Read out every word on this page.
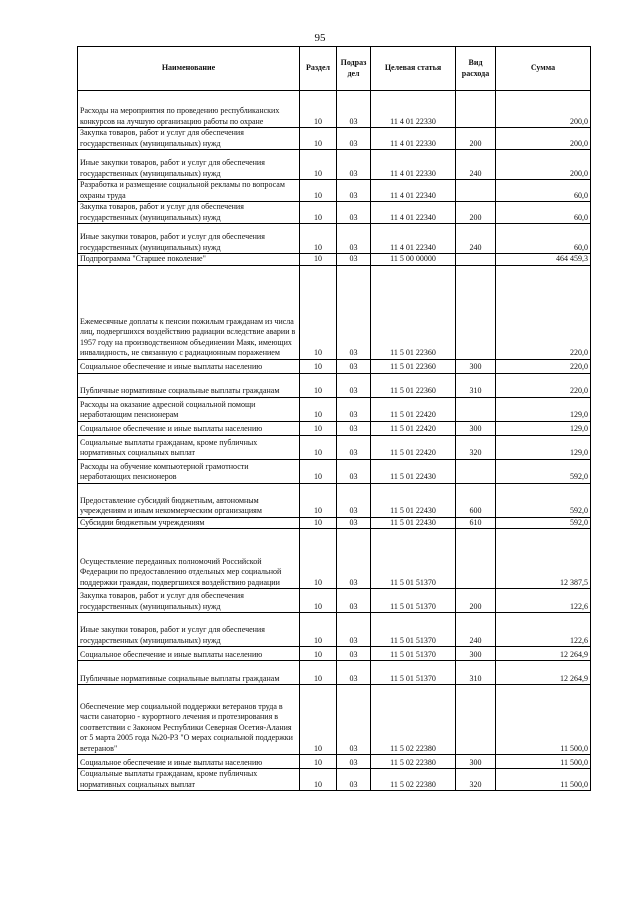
95
Наименование	Раздел	Подраз дел	Целевая статья	Вид расхода	Сумма
Расходы на мероприятия по проведению республиканских конкурсов на лучшую организацию работы по охране	10	03	11 4 01 22330		200,0
Закупка товаров, работ и услуг для обеспечения государственных (муниципальных) нужд	10	03	11 4 01 22330	200	200,0
Иные закупки товаров, работ и услуг для обеспечения государственных (муниципальных) нужд	10	03	11 4 01 22330	240	200,0
Разработка и размещение социальной рекламы по вопросам охраны труда	10	03	11 4 01 22340		60,0
Закупка товаров, работ и услуг для обеспечения государственных (муниципальных) нужд	10	03	11 4 01 22340	200	60,0
Иные закупки товаров, работ и услуг для обеспечения государственных (муниципальных) нужд	10	03	11 4 01 22340	240	60,0
Подпрограмма "Старшее поколение"	10	03	11 5 00 00000		464 459,3
Ежемесячные доплаты к пенсии пожилым гражданам из числа лиц, подвергшихся воздействию радиации вследствие аварии в 1957 году на производственном объединении Маяк, имеющих инвалидность, не связанную с радиационным поражением	10	03	11 5 01 22360		220,0
Социальное обеспечение и иные выплаты населению	10	03	11 5 01 22360	300	220,0
Публичные нормативные социальные выплаты гражданам	10	03	11 5 01 22360	310	220,0
Расходы на оказание адресной социальной помощи неработающим пенсионерам	10	03	11 5 01 22420		129,0
Социальное обеспечение и иные выплаты населению	10	03	11 5 01 22420	300	129,0
Социальные выплаты гражданам, кроме публичных нормативных социальных выплат	10	03	11 5 01 22420	320	129,0
Расходы на обучение компьютерной грамотности неработающих пенсионеров	10	03	11 5 01 22430		592,0
Предоставление субсидий бюджетным, автономным учреждениям и иным некоммерческим организациям	10	03	11 5 01 22430	600	592,0
Субсидии бюджетным учреждениям	10	03	11 5 01 22430	610	592,0
Осуществление переданных полномочий Российской Федерации по предоставлению отдельных мер социальной поддержки граждан, подвергшихся воздействию радиации	10	03	11 5 01 51370		12 387,5
Закупка товаров, работ и услуг для обеспечения государственных (муниципальных) нужд	10	03	11 5 01 51370	200	122,6
Иные закупки товаров, работ и услуг для обеспечения государственных (муниципальных) нужд	10	03	11 5 01 51370	240	122,6
Социальное обеспечение и иные выплаты населению	10	03	11 5 01 51370	300	12 264,9
Публичные нормативные социальные выплаты гражданам	10	03	11 5 01 51370	310	12 264,9
Обеспечение мер социальной поддержки ветеранов труда в части санаторно - курортного лечения и протезирования в соответствии с Законом Республики Северная Осетия-Алания от 5 марта 2005 года №20-РЗ "О мерах социальной поддержки ветеранов"	10	03	11 5 02 22380		11 500,0
Социальное обеспечение и иные выплаты населению	10	03	11 5 02 22380	300	11 500,0
Социальные выплаты гражданам, кроме публичных нормативных социальных выплат	10	03	11 5 02 22380	320	11 500,0
